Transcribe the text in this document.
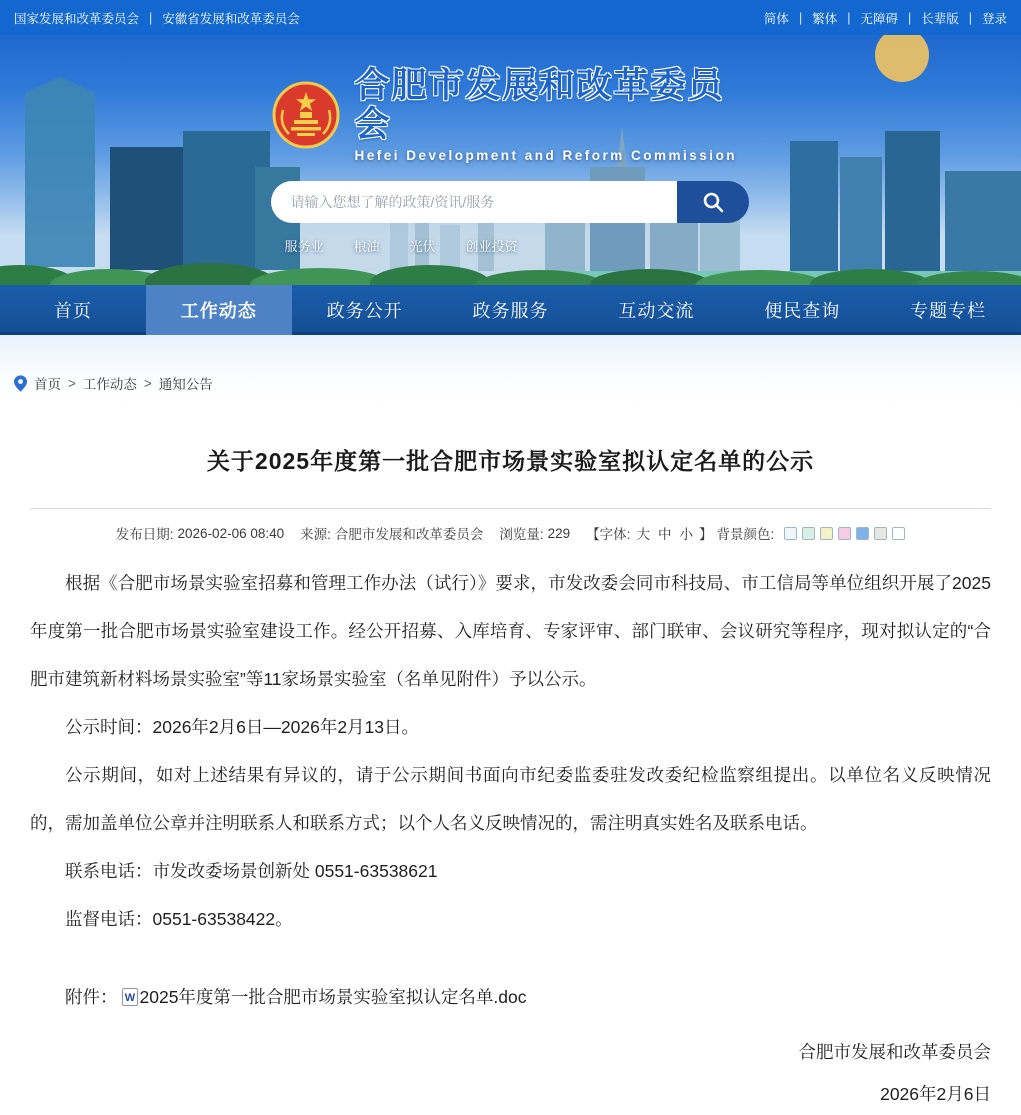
国家发展和改革委员会 | 安徽省发展和改革委员会	简体 | 繁体 | 无障碍 | 长辈版 | 登录
合肥市发展和改革委员会
Hefei Development and Reform Commission
请输入您想了解的政策/资讯/服务
服务业 粮油 光伏 创业投资
首页	工作动态	政务公开	政务服务	互动交流	便民查询	专题专栏
首页 > 工作动态 > 通知公告
关于2025年度第一批合肥市场景实验室拟认定名单的公示
发布日期: 2026-02-06 08:40 来源: 合肥市发展和改革委员会 浏览量: 229 【字体: 大 中 小 】 背景颜色:

根据《合肥市场景实验室招募和管理工作办法（试行）》要求，市发改委会同市科技局、市工信局等单位组织开展了2025年度第一批合肥市场景实验室建设工作。经公开招募、入库培育、专家评审、部门联审、会议研究等程序，现对拟认定的“合肥市建筑新材料场景实验室”等11家场景实验室（名单见附件）予以公示。

公示时间：2026年2月6日—2026年2月13日。

公示期间，如对上述结果有异议的，请于公示期间书面向市纪委监委驻发改委纪检监察组提出。以单位名义反映情况的，需加盖单位公章并注明联系人和联系方式；以个人名义反映情况的，需注明真实姓名及联系电话。

联系电话：市发改委场景创新处 0551-63538621

监督电话：0551-63538422。

附件： W 2025年度第一批合肥市场景实验室拟认定名单.doc
合肥市发展和改革委员会
2026年2月6日
